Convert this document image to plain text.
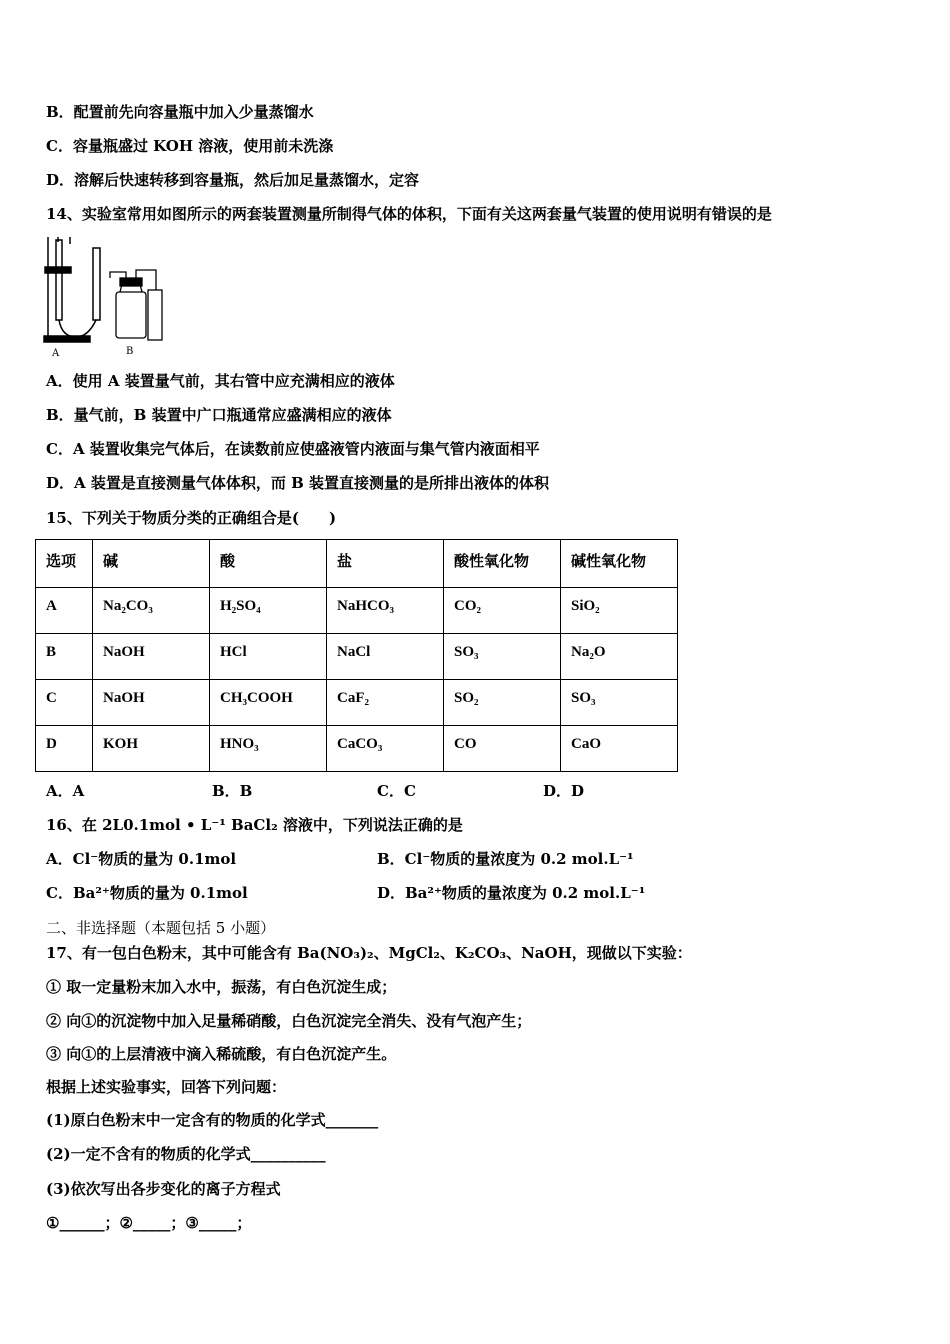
B．配置前先向容量瓶中加入少量蒸馏水
C．容量瓶盛过 KOH 溶液，使用前未洗涤
D．溶解后快速转移到容量瓶，然后加足量蒸馏水，定容
14、实验室常用如图所示的两套装置测量所制得气体的体积，下面有关这两套量气装置的使用说明有错误的是
A	B
A．使用 A 装置量气前，其右管中应充满相应的液体
B．量气前，B 装置中广口瓶通常应盛满相应的液体
C．A 装置收集完气体后，在读数前应使盛液管内液面与集气管内液面相平
D．A 装置是直接测量气体体积，而 B 装置直接测量的是所排出液体的体积
15、下列关于物质分类的正确组合是(　　)
选项	碱	酸	盐	酸性氧化物	碱性氧化物
A	Na₂CO₃	H₂SO₄	NaHCO₃	CO₂	SiO₂
B	NaOH	HCl	NaCl	SO₃	Na₂O
C	NaOH	CH₃COOH	CaF₂	SO₂	SO₃
D	KOH	HNO₃	CaCO₃	CO	CaO
A．A	B．B	C．C	D．D
16、在 2L0.1mol • L⁻¹ BaCl₂ 溶液中，下列说法正确的是
A．Cl⁻物质的量为 0.1mol	B．Cl⁻物质的量浓度为 0.2 mol.L⁻¹
C．Ba²⁺物质的量为 0.1mol	D．Ba²⁺物质的量浓度为 0.2 mol.L⁻¹
二、非选择题（本题包括 5 小题）
17、有一包白色粉末，其中可能含有 Ba(NO₃)₂、MgCl₂、K₂CO₃、NaOH，现做以下实验：
① 取一定量粉末加入水中，振荡，有白色沉淀生成；
② 向①的沉淀物中加入足量稀硝酸，白色沉淀完全消失、没有气泡产生；
③ 向①的上层清液中滴入稀硫酸，有白色沉淀产生。
根据上述实验事实，回答下列问题：
(1)原白色粉末中一定含有的物质的化学式_______
(2)一定不含有的物质的化学式__________
(3)依次写出各步变化的离子方程式
①______；②_____；③_____；
